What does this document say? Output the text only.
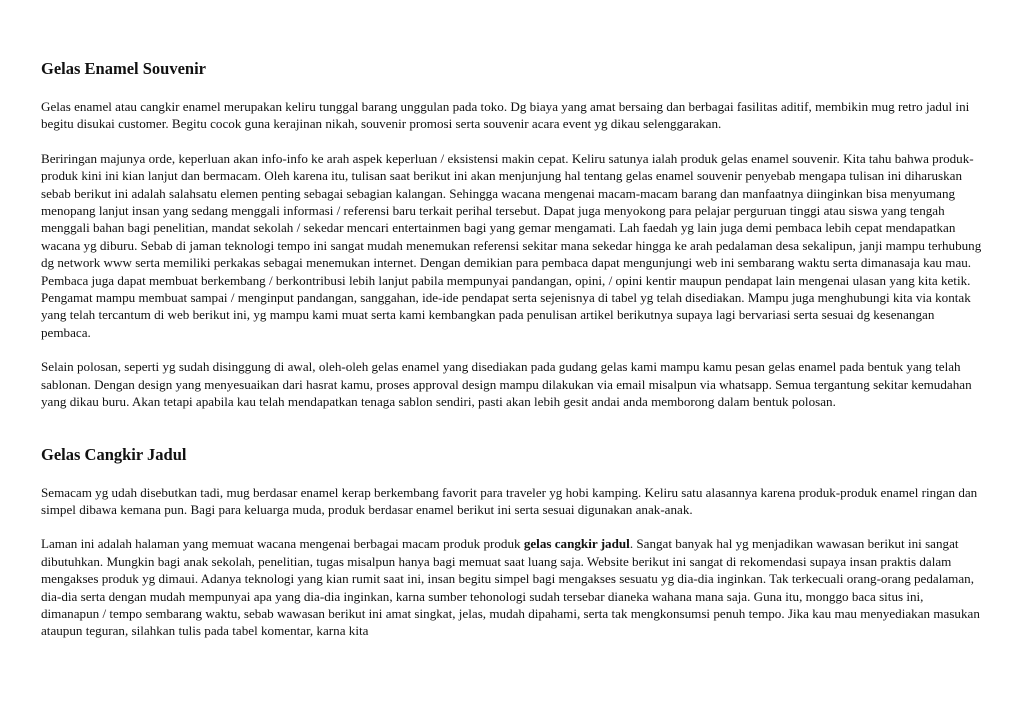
Gelas Enamel Souvenir

Gelas enamel atau cangkir enamel merupakan keliru tunggal barang unggulan pada toko. Dg biaya yang amat bersaing dan berbagai fasilitas aditif, membikin mug retro jadul ini begitu disukai customer. Begitu cocok guna kerajinan nikah, souvenir promosi serta souvenir acara event yg dikau selenggarakan.

Beriringan majunya orde, keperluan akan info-info ke arah aspek keperluan / eksistensi makin cepat. Keliru satunya ialah produk gelas enamel souvenir. Kita tahu bahwa produk-produk kini ini kian lanjut dan bermacam. Oleh karena itu, tulisan saat berikut ini akan menjunjung hal tentang gelas enamel souvenir penyebab mengapa tulisan ini diharuskan sebab berikut ini adalah salahsatu elemen penting sebagai sebagian kalangan. Sehingga wacana mengenai macam-macam barang dan manfaatnya diinginkan bisa menyumang menopang lanjut insan yang sedang menggali informasi / referensi baru terkait perihal tersebut. Dapat juga menyokong para pelajar perguruan tinggi atau siswa yang tengah menggali bahan bagi penelitian, mandat sekolah / sekedar mencari entertainmen bagi yang gemar mengamati. Lah faedah yg lain juga demi pembaca lebih cepat mendapatkan wacana yg diburu. Sebab di jaman teknologi tempo ini sangat mudah menemukan referensi sekitar mana sekedar hingga ke arah pedalaman desa sekalipun, janji mampu terhubung dg network www serta memiliki perkakas sebagai menemukan internet. Dengan demikian para pembaca dapat mengunjungi web ini sembarang waktu serta dimanasaja kau mau. Pembaca juga dapat membuat berkembang / berkontribusi lebih lanjut pabila mempunyai pandangan, opini, / opini kentir maupun pendapat lain mengenai ulasan yang kita ketik. Pengamat mampu membuat sampai / menginput pandangan, sanggahan, ide-ide pendapat serta sejenisnya di tabel yg telah disediakan. Mampu juga menghubungi kita via kontak yang telah tercantum di web berikut ini, yg mampu kami muat serta kami kembangkan pada penulisan artikel berikutnya supaya lagi bervariasi serta sesuai dg kesenangan pembaca.

Selain polosan, seperti yg sudah disinggung di awal, oleh-oleh gelas enamel yang disediakan pada gudang gelas kami mampu kamu pesan gelas enamel pada bentuk yang telah sablonan. Dengan design yang menyesuaikan dari hasrat kamu, proses approval design mampu dilakukan via email misalpun via whatsapp. Semua tergantung sekitar kemudahan yang dikau buru. Akan tetapi apabila kau telah mendapatkan tenaga sablon sendiri, pasti akan lebih gesit andai anda memborong dalam bentuk polosan.

Gelas Cangkir Jadul

Semacam yg udah disebutkan tadi, mug berdasar enamel kerap berkembang favorit para traveler yg hobi kamping. Keliru satu alasannya karena produk-produk enamel ringan dan simpel dibawa kemana pun. Bagi para keluarga muda, produk berdasar enamel berikut ini serta sesuai digunakan anak-anak.

Laman ini adalah halaman yang memuat wacana mengenai berbagai macam produk produk gelas cangkir jadul. Sangat banyak hal yg menjadikan wawasan berikut ini sangat dibutuhkan. Mungkin bagi anak sekolah, penelitian, tugas misalpun hanya bagi memuat saat luang saja. Website berikut ini sangat di rekomendasi supaya insan praktis dalam mengakses produk yg dimaui. Adanya teknologi yang kian rumit saat ini, insan begitu simpel bagi mengakses sesuatu yg dia-dia inginkan. Tak terkecuali orang-orang pedalaman, dia-dia serta dengan mudah mempunyai apa yang dia-dia inginkan, karna sumber tehonologi sudah tersebar dianeka wahana mana saja. Guna itu, monggo baca situs ini, dimanapun / tempo sembarang waktu, sebab wawasan berikut ini amat singkat, jelas, mudah dipahami, serta tak mengkonsumsi penuh tempo. Jika kau mau menyediakan masukan ataupun teguran, silahkan tulis pada tabel komentar, karna kita
